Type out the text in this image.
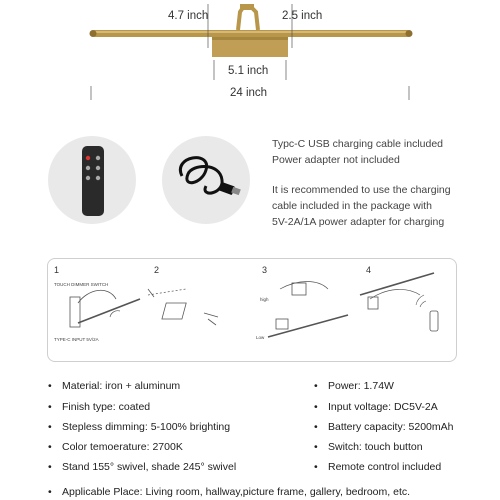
4.7 inch	2.5 inch
5.1 inch
24 inch

Typc-C USB charging cable included

Power adapter not included

It is recommended to use the charging

cable included in the package with

5V-2A/1A power adapter for charging

1	2	3	4
TOUCH DIMMER SWITCH
TYPE-C INPUT 5V/2A
high
Low
• Material: iron + aluminum
• Finish type: coated
• Stepless dimming: 5-100% brighting
• Color temoerature: 2700K
• Stand 155° swivel, shade 245° swivel
• Power: 1.74W
• Input voltage: DC5V-2A
• Battery capacity: 5200mAh
• Switch: touch button
• Remote control included
• Applicable Place: Living room, hallway,picture frame, gallery, bedroom, etc.
